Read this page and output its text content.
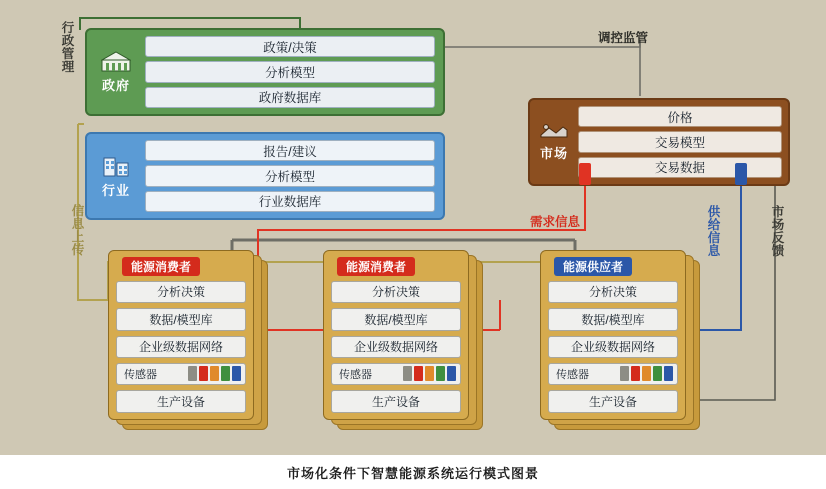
行政管理
信息上传
供给信息
市场反馈
调控监管
需求信息
政府
政策/决策
分析模型
政府数据库
行业
报告/建议
分析模型
行业数据库
市场
价格
交易模型
交易数据
能源消费者
分析决策
数据/模型库
企业级数据网络
传感器
生产设备
能源消费者
分析决策
数据/模型库
企业级数据网络
传感器
生产设备
能源供应者
分析决策
数据/模型库
企业级数据网络
传感器
生产设备
市场化条件下智慧能源系统运行模式图景
